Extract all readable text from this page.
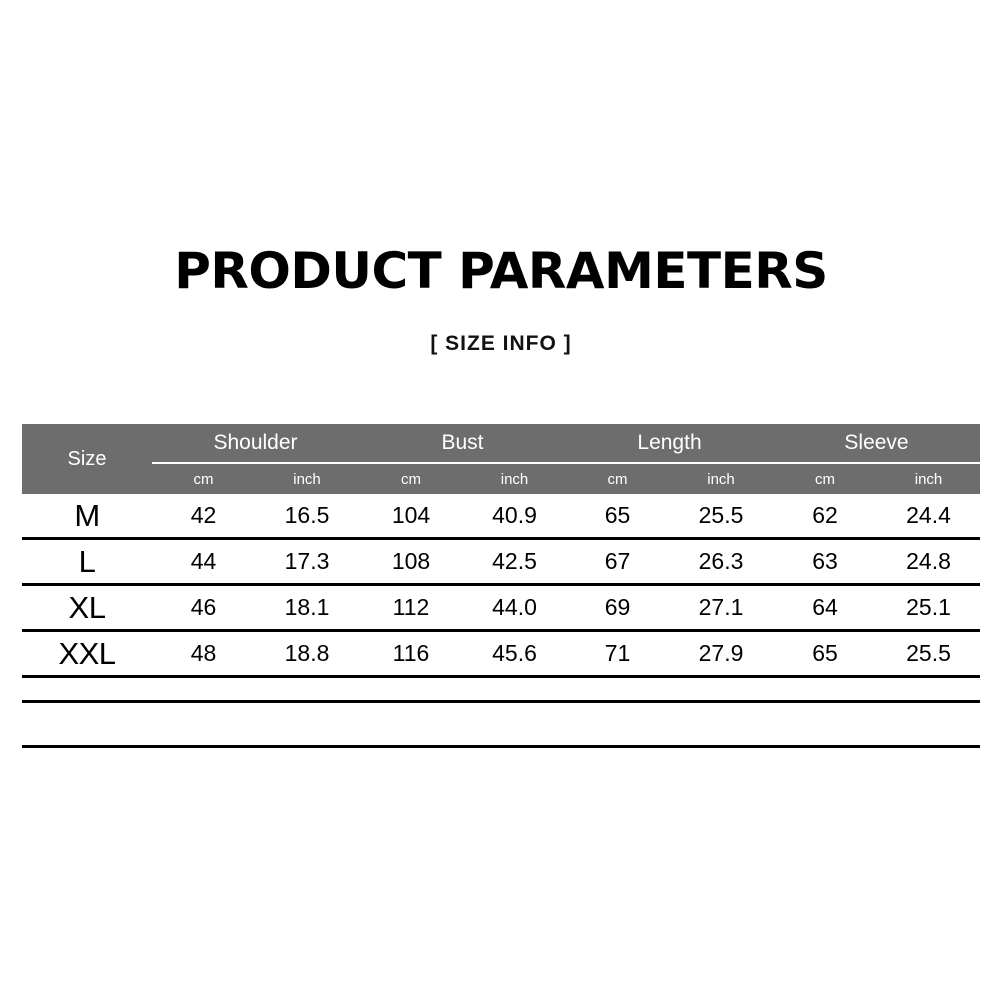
PRODUCT PARAMETERS
[ SIZE INFO ]
Size	Shoulder		Bust		Length		Sleeve	
	cm	inch	cm	inch	cm	inch	cm	inch
M	42	16.5	104	40.9	65	25.5	62	24.4
L	44	17.3	108	42.5	67	26.3	63	24.8
XL	46	18.1	112	44.0	69	27.1	64	25.1
XXL	48	18.8	116	45.6	71	27.9	65	25.5
